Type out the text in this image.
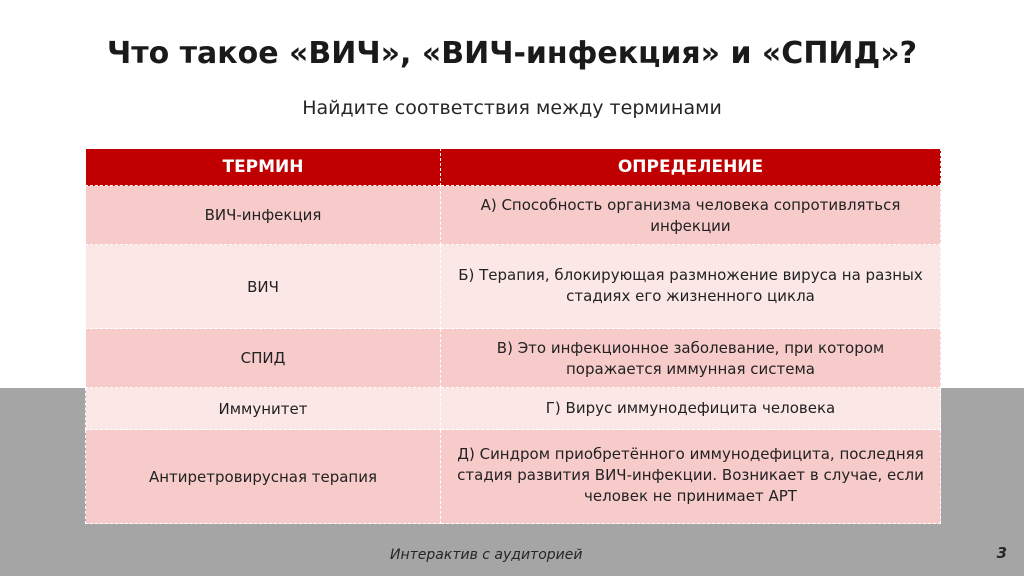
Что такое «ВИЧ», «ВИЧ-инфекция» и «СПИД»?
Найдите соответствия между терминами
ТЕРМИН	ОПРЕДЕЛЕНИЕ
ВИЧ-инфекция	А) Способность организма человека сопротивляться инфекции
ВИЧ	Б) Терапия, блокирующая размножение вируса на разных стадиях его жизненного цикла
СПИД	В) Это инфекционное заболевание, при котором поражается иммунная система
Иммунитет	Г) Вирус иммунодефицита человека
Антиретровирусная терапия	Д) Синдром приобретённого иммунодефицита, последняя стадия развития ВИЧ-инфекции. Возникает в случае, если человек не принимает АРТ
Интерактив с аудиторией	3
